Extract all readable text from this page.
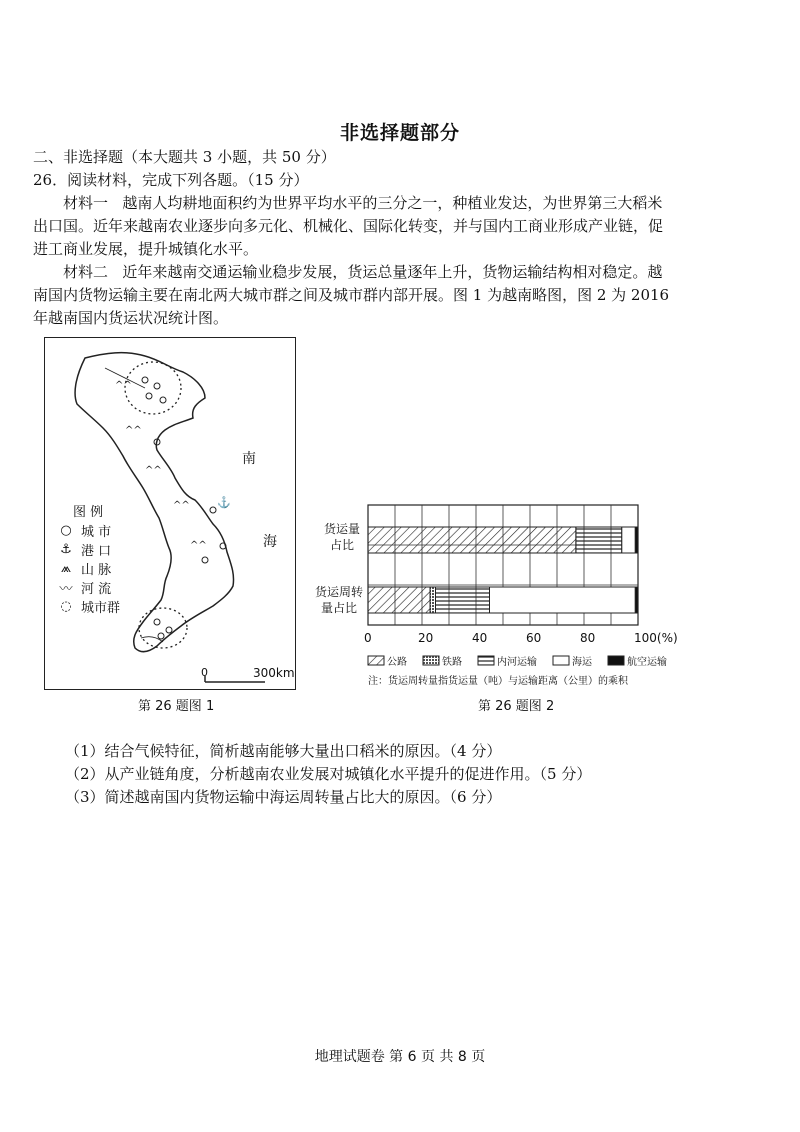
非选择题部分
二、非选择题（本大题共 3 小题，共 50 分）
26．阅读材料，完成下列各题。（15 分）
材料一 越南人均耕地面积约为世界平均水平的三分之一，种植业发达，为世界第三大稻米
出口国。近年来越南农业逐步向多元化、机械化、国际化转变，并与国内工商业形成产业链，促
进工商业发展，提升城镇化水平。
材料二 近年来越南交通运输业稳步发展，货运总量逐年上升，货物运输结构相对稳定。越
南国内货物运输主要在南北两大城市群之间及城市群内部开展。图 1 为越南略图，图 2 为 2016
年越南国内货运状况统计图。
^^
^^
^^
^^
^^
⚓
图 例
○ 城 市
⚓ 港 口
⩕ 山 脉
〰 河 流
◌ 城市群
南
海
0	300km
第 26 题图 1
货运量
占比
货运周转
量占比
0	20	40	60	80	100(%)
公路	铁路	内河运输	海运	航空运输
注：货运周转量指货运量（吨）与运输距离（公里）的乘积
第 26 题图 2
（1）结合气候特征，简析越南能够大量出口稻米的原因。（4 分）
（2）从产业链角度，分析越南农业发展对城镇化水平提升的促进作用。（5 分）
（3）简述越南国内货物运输中海运周转量占比大的原因。（6 分）
地理试题卷 第 6 页 共 8 页
